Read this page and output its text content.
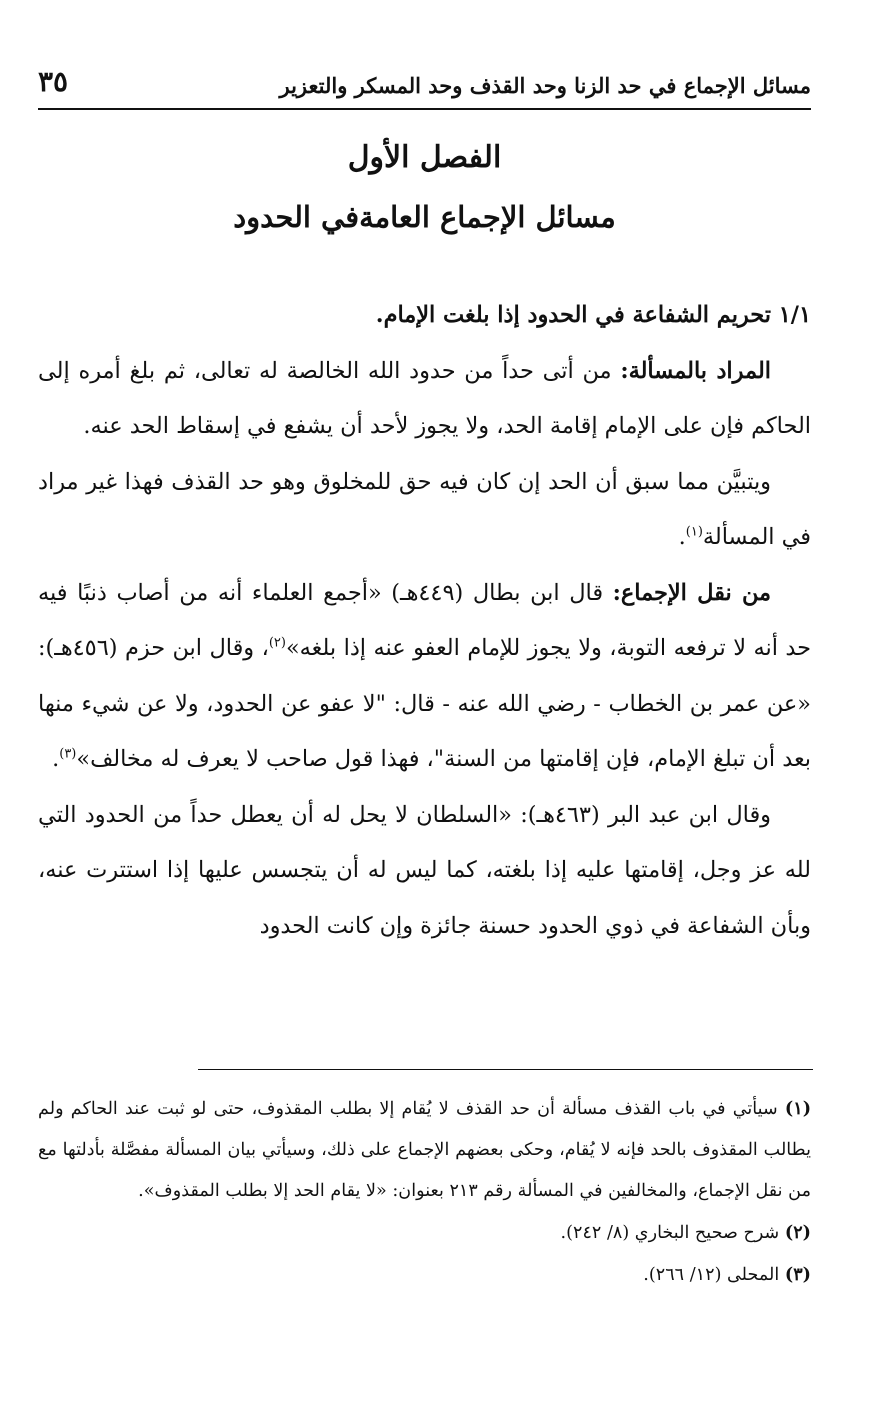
مسائل الإجماع في حد الزنا وحد القذف وحد المسكر والتعزير
٣٥
الفصل الأول
مسائل الإجماع العامةفي الحدود

١/١ تحريم الشفاعة في الحدود إذا بلغت الإمام.

المراد بالمسألة: من أتى حداً من حدود الله الخالصة له تعالى، ثم بلغ أمره إلى الحاكم فإن على الإمام إقامة الحد، ولا يجوز لأحد أن يشفع في إسقاط الحد عنه.

ويتبيَّن مما سبق أن الحد إن كان فيه حق للمخلوق وهو حد القذف فهذا غير مراد في المسألة$^{(١)}$.

من نقل الإجماع: قال ابن بطال (٤٤٩هـ) «أجمع العلماء أنه من أصاب ذنبًا فيه حد أنه لا ترفعه التوبة، ولا يجوز للإمام العفو عنه إذا بلغه»$^{(٢)}$، وقال ابن حزم (٤٥٦هـ): «عن عمر بن الخطاب - رضي الله عنه - قال: "لا عفو عن الحدود، ولا عن شيء منها بعد أن تبلغ الإمام، فإن إقامتها من السنة"، فهذا قول صاحب لا يعرف له مخالف»$^{(٣)}$.

وقال ابن عبد البر (٤٦٣هـ): «السلطان لا يحل له أن يعطل حداً من الحدود التي لله عز وجل، إقامتها عليه إذا بلغته، كما ليس له أن يتجسس عليها إذا استترت عنه، وبأن الشفاعة في ذوي الحدود حسنة جائزة وإن كانت الحدود

(١) سيأتي في باب القذف مسألة أن حد القذف لا يُقام إلا بطلب المقذوف، حتى لو ثبت عند الحاكم ولم يطالب المقذوف بالحد فإنه لا يُقام، وحكى بعضهم الإجماع على ذلك، وسيأتي بيان المسألة مفصَّلة بأدلتها مع من نقل الإجماع، والمخالفين في المسألة رقم ٢١٣ بعنوان: «لا يقام الحد إلا بطلب المقذوف».

(٢) شرح صحيح البخاري (٨/ ٢٤٢).

(٣) المحلى (١٢/ ٢٦٦).
